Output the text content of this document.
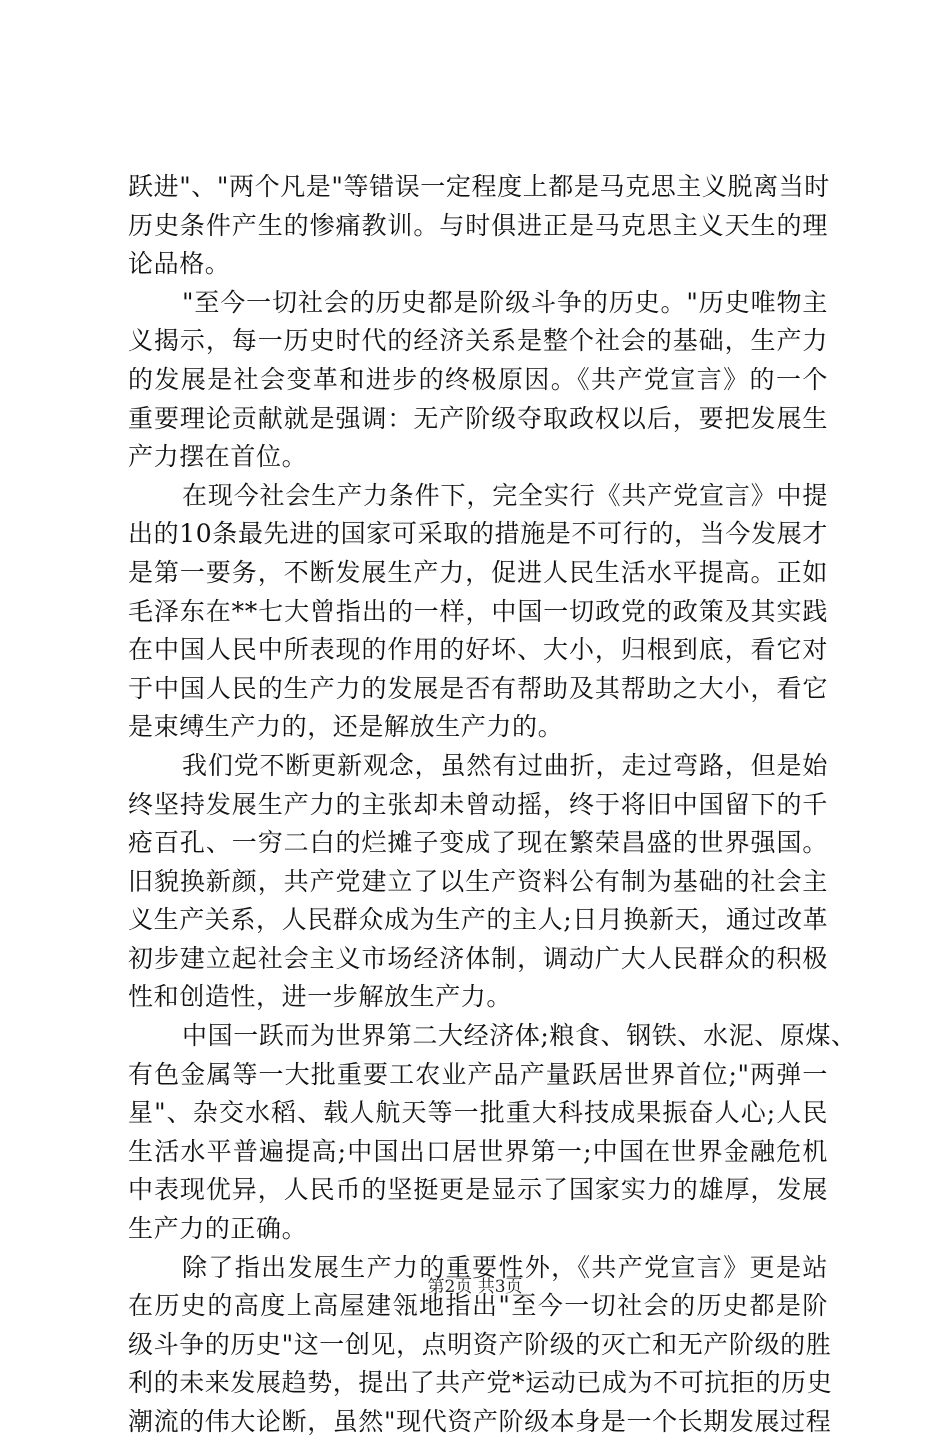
跃进"、"两个凡是"等错误一定程度上都是马克思主义脱离当时
历史条件产生的惨痛教训。与时俱进正是马克思主义天生的理
论品格。

"至今一切社会的历史都是阶级斗争的历史。"历史唯物主
义揭示，每一历史时代的经济关系是整个社会的基础，生产力
的发展是社会变革和进步的终极原因。《共产党宣言》的一个
重要理论贡献就是强调：无产阶级夺取政权以后，要把发展生
产力摆在首位。

在现今社会生产力条件下，完全实行《共产党宣言》中提
出的10条最先进的国家可采取的措施是不可行的，当今发展才
是第一要务，不断发展生产力，促进人民生活水平提高。正如
毛泽东在**七大曾指出的一样，中国一切政党的政策及其实践
在中国人民中所表现的作用的好坏、大小，归根到底，看它对
于中国人民的生产力的发展是否有帮助及其帮助之大小，看它
是束缚生产力的，还是解放生产力的。

我们党不断更新观念，虽然有过曲折，走过弯路，但是始
终坚持发展生产力的主张却未曾动摇，终于将旧中国留下的千
疮百孔、一穷二白的烂摊子变成了现在繁荣昌盛的世界强国。
旧貌换新颜，共产党建立了以生产资料公有制为基础的社会主
义生产关系，人民群众成为生产的主人;日月换新天，通过改革
初步建立起社会主义市场经济体制，调动广大人民群众的积极
性和创造性，进一步解放生产力。

中国一跃而为世界第二大经济体;粮食、钢铁、水泥、原煤、
有色金属等一大批重要工农业产品产量跃居世界首位;"两弹一
星"、杂交水稻、载人航天等一批重大科技成果振奋人心;人民
生活水平普遍提高;中国出口居世界第一;中国在世界金融危机
中表现优异，人民币的坚挺更是显示了国家实力的雄厚，发展
生产力的正确。

除了指出发展生产力的重要性外，《共产党宣言》更是站
在历史的高度上高屋建瓴地指出"至今一切社会的历史都是阶
级斗争的历史"这一创见，点明资产阶级的灭亡和无产阶级的胜
利的未来发展趋势，提出了共产党*运动已成为不可抗拒的历史
潮流的伟大论断，虽然"现代资产阶级本身是一个长期发展过程

第2页 共3页
